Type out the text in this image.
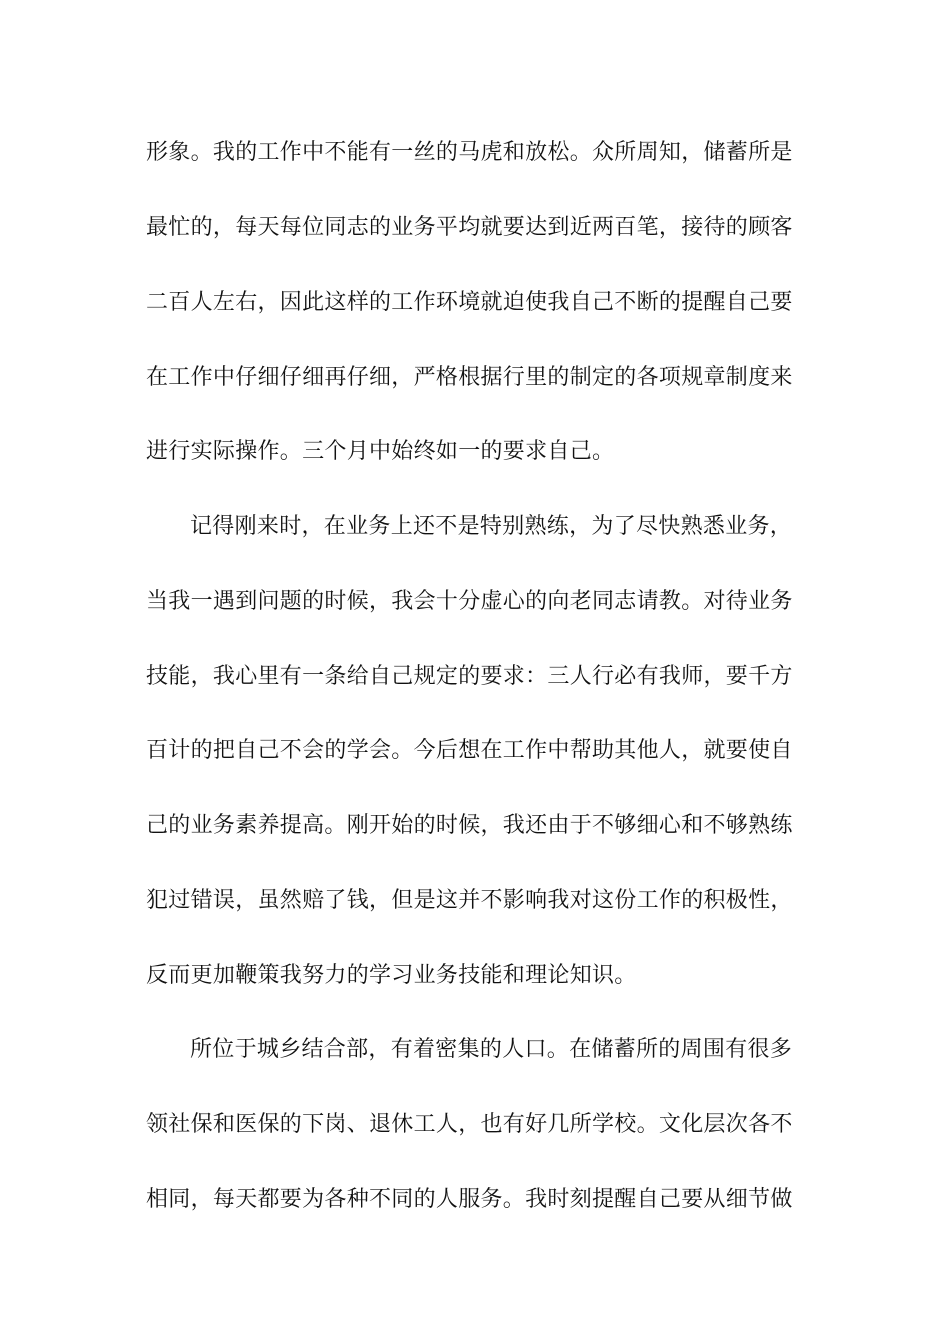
形象。我的工作中不能有一丝的马虎和放松。众所周知，储蓄所是
最忙的，每天每位同志的业务平均就要达到近两百笔，接待的顾客
二百人左右，因此这样的工作环境就迫使我自己不断的提醒自己要
在工作中仔细仔细再仔细，严格根据行里的制定的各项规章制度来
进行实际操作。三个月中始终如一的要求自己。
记得刚来时，在业务上还不是特别熟练，为了尽快熟悉业务，
当我一遇到问题的时候，我会十分虚心的向老同志请教。对待业务
技能，我心里有一条给自己规定的要求：三人行必有我师，要千方
百计的把自己不会的学会。今后想在工作中帮助其他人，就要使自
己的业务素养提高。刚开始的时候，我还由于不够细心和不够熟练
犯过错误，虽然赔了钱，但是这并不影响我对这份工作的积极性，
反而更加鞭策我努力的学习业务技能和理论知识。
所位于城乡结合部，有着密集的人口。在储蓄所的周围有很多
领社保和医保的下岗、退休工人，也有好几所学校。文化层次各不
相同，每天都要为各种不同的人服务。我时刻提醒自己要从细节做
